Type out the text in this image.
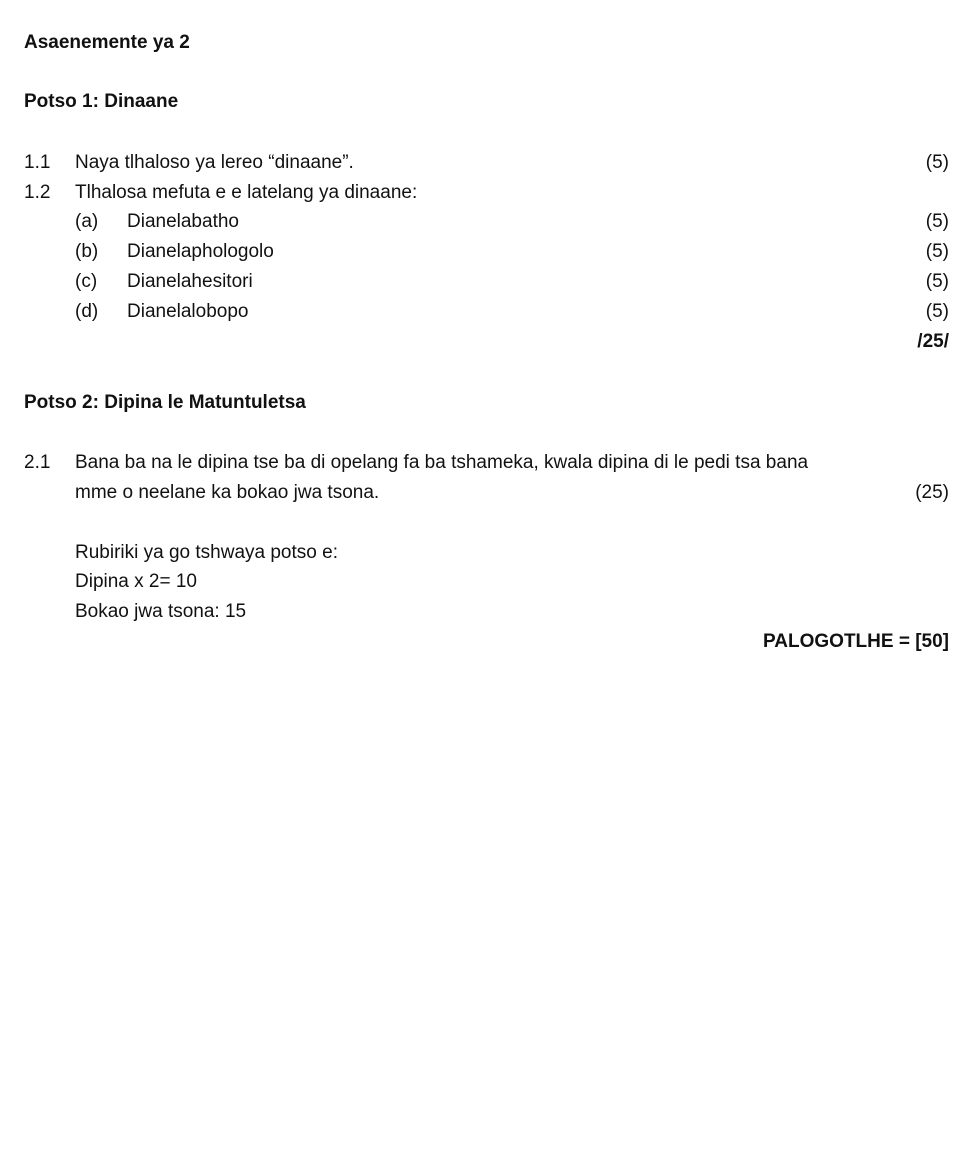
Asaenemente ya 2
Potso 1: Dinaane
1.1 Naya tlhaloso ya lereo “dinaane”.	(5)
1.2 Tlhalosa mefuta e e latelang ya dinaane:
(a) Dianelabatho	(5)
(b) Dianelaphologolo	(5)
(c) Dianelahesitori	(5)
(d) Dianelalobopo	(5)
/25/
Potso 2: Dipina le Matuntuletsa
2.1 Bana ba na le dipina tse ba di opelang fa ba tshameka, kwala dipina di le pedi tsa bana
mme o neelane ka bokao jwa tsona.	(25)
Rubiriki ya go tshwaya potso e:
Dipina x 2= 10
Bokao jwa tsona: 15
PALOGOTLHE = [50]
